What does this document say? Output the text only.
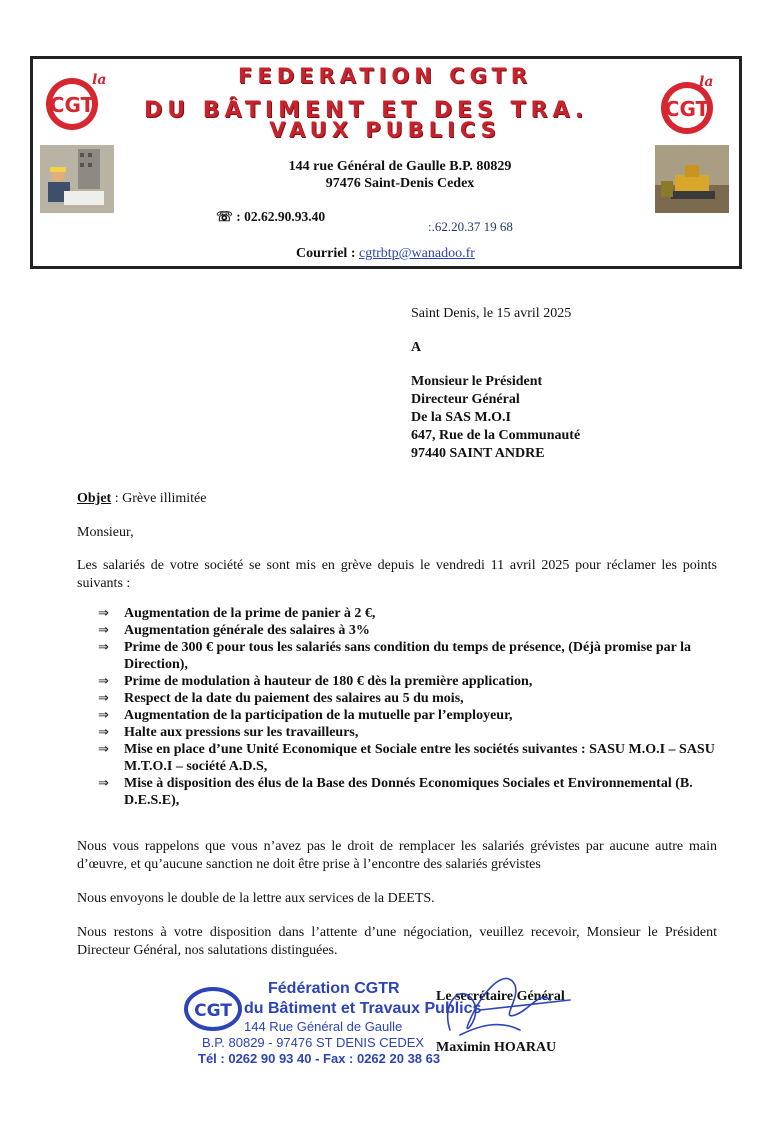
CGT
la
CGT
la
FEDERATION CGTR
DU BÂTIMENT ET DES TRA.
VAUX PUBLICS
144 rue Général de Gaulle B.P. 80829
97476 Saint-Denis Cedex
☏ : 02.62.90.93.40
:.62.20.37 19 68
Courriel : cgtrbtp@wanadoo.fr
Saint Denis, le 15 avril 2025
A
Monsieur le Président
Directeur Général
De la SAS M.O.I
647, Rue de la Communauté
97440 SAINT ANDRE
Objet : Grève illimitée
Monsieur,
Les salariés de votre société se sont mis en grève depuis le vendredi 11 avril 2025 pour réclamer les points suivants :
⇒	Augmentation de la prime de panier à 2 €,
⇒	Augmentation générale des salaires à 3%
⇒	Prime de 300 € pour tous les salariés sans condition du temps de présence, (Déjà promise par la Direction),
⇒	Prime de modulation à hauteur de 180 € dès la première application,
⇒	Respect de la date du paiement des salaires au 5 du mois,
⇒	Augmentation de la participation de la mutuelle par l’employeur,
⇒	Halte aux pressions sur les travailleurs,
⇒	Mise en place d’une Unité Economique et Sociale entre les sociétés suivantes : SASU M.O.I – SASU M.T.O.I – société A.D.S,
⇒	Mise à disposition des élus de la Base des Donnés Economiques Sociales et Environnemental (B. D.E.S.E),
Nous vous rappelons que vous n’avez pas le droit de remplacer les salariés grévistes par aucune autre main d’œuvre, et qu’aucune sanction ne doit être prise à l’encontre des salariés grévistes
Nous envoyons le double de la lettre aux services de la DEETS.
Nous restons à votre disposition dans l’attente d’une négociation, veuillez recevoir, Monsieur le Président Directeur Général, nos salutations distinguées.
CGT
Fédération CGTR
du Bâtiment et Travaux Publics
144 Rue Général de Gaulle
B.P. 80829 - 97476 ST DENIS CEDEX
Tél : 0262 90 93 40 - Fax : 0262 20 38 63
Le secrétaire Général
Maximin HOARAU
